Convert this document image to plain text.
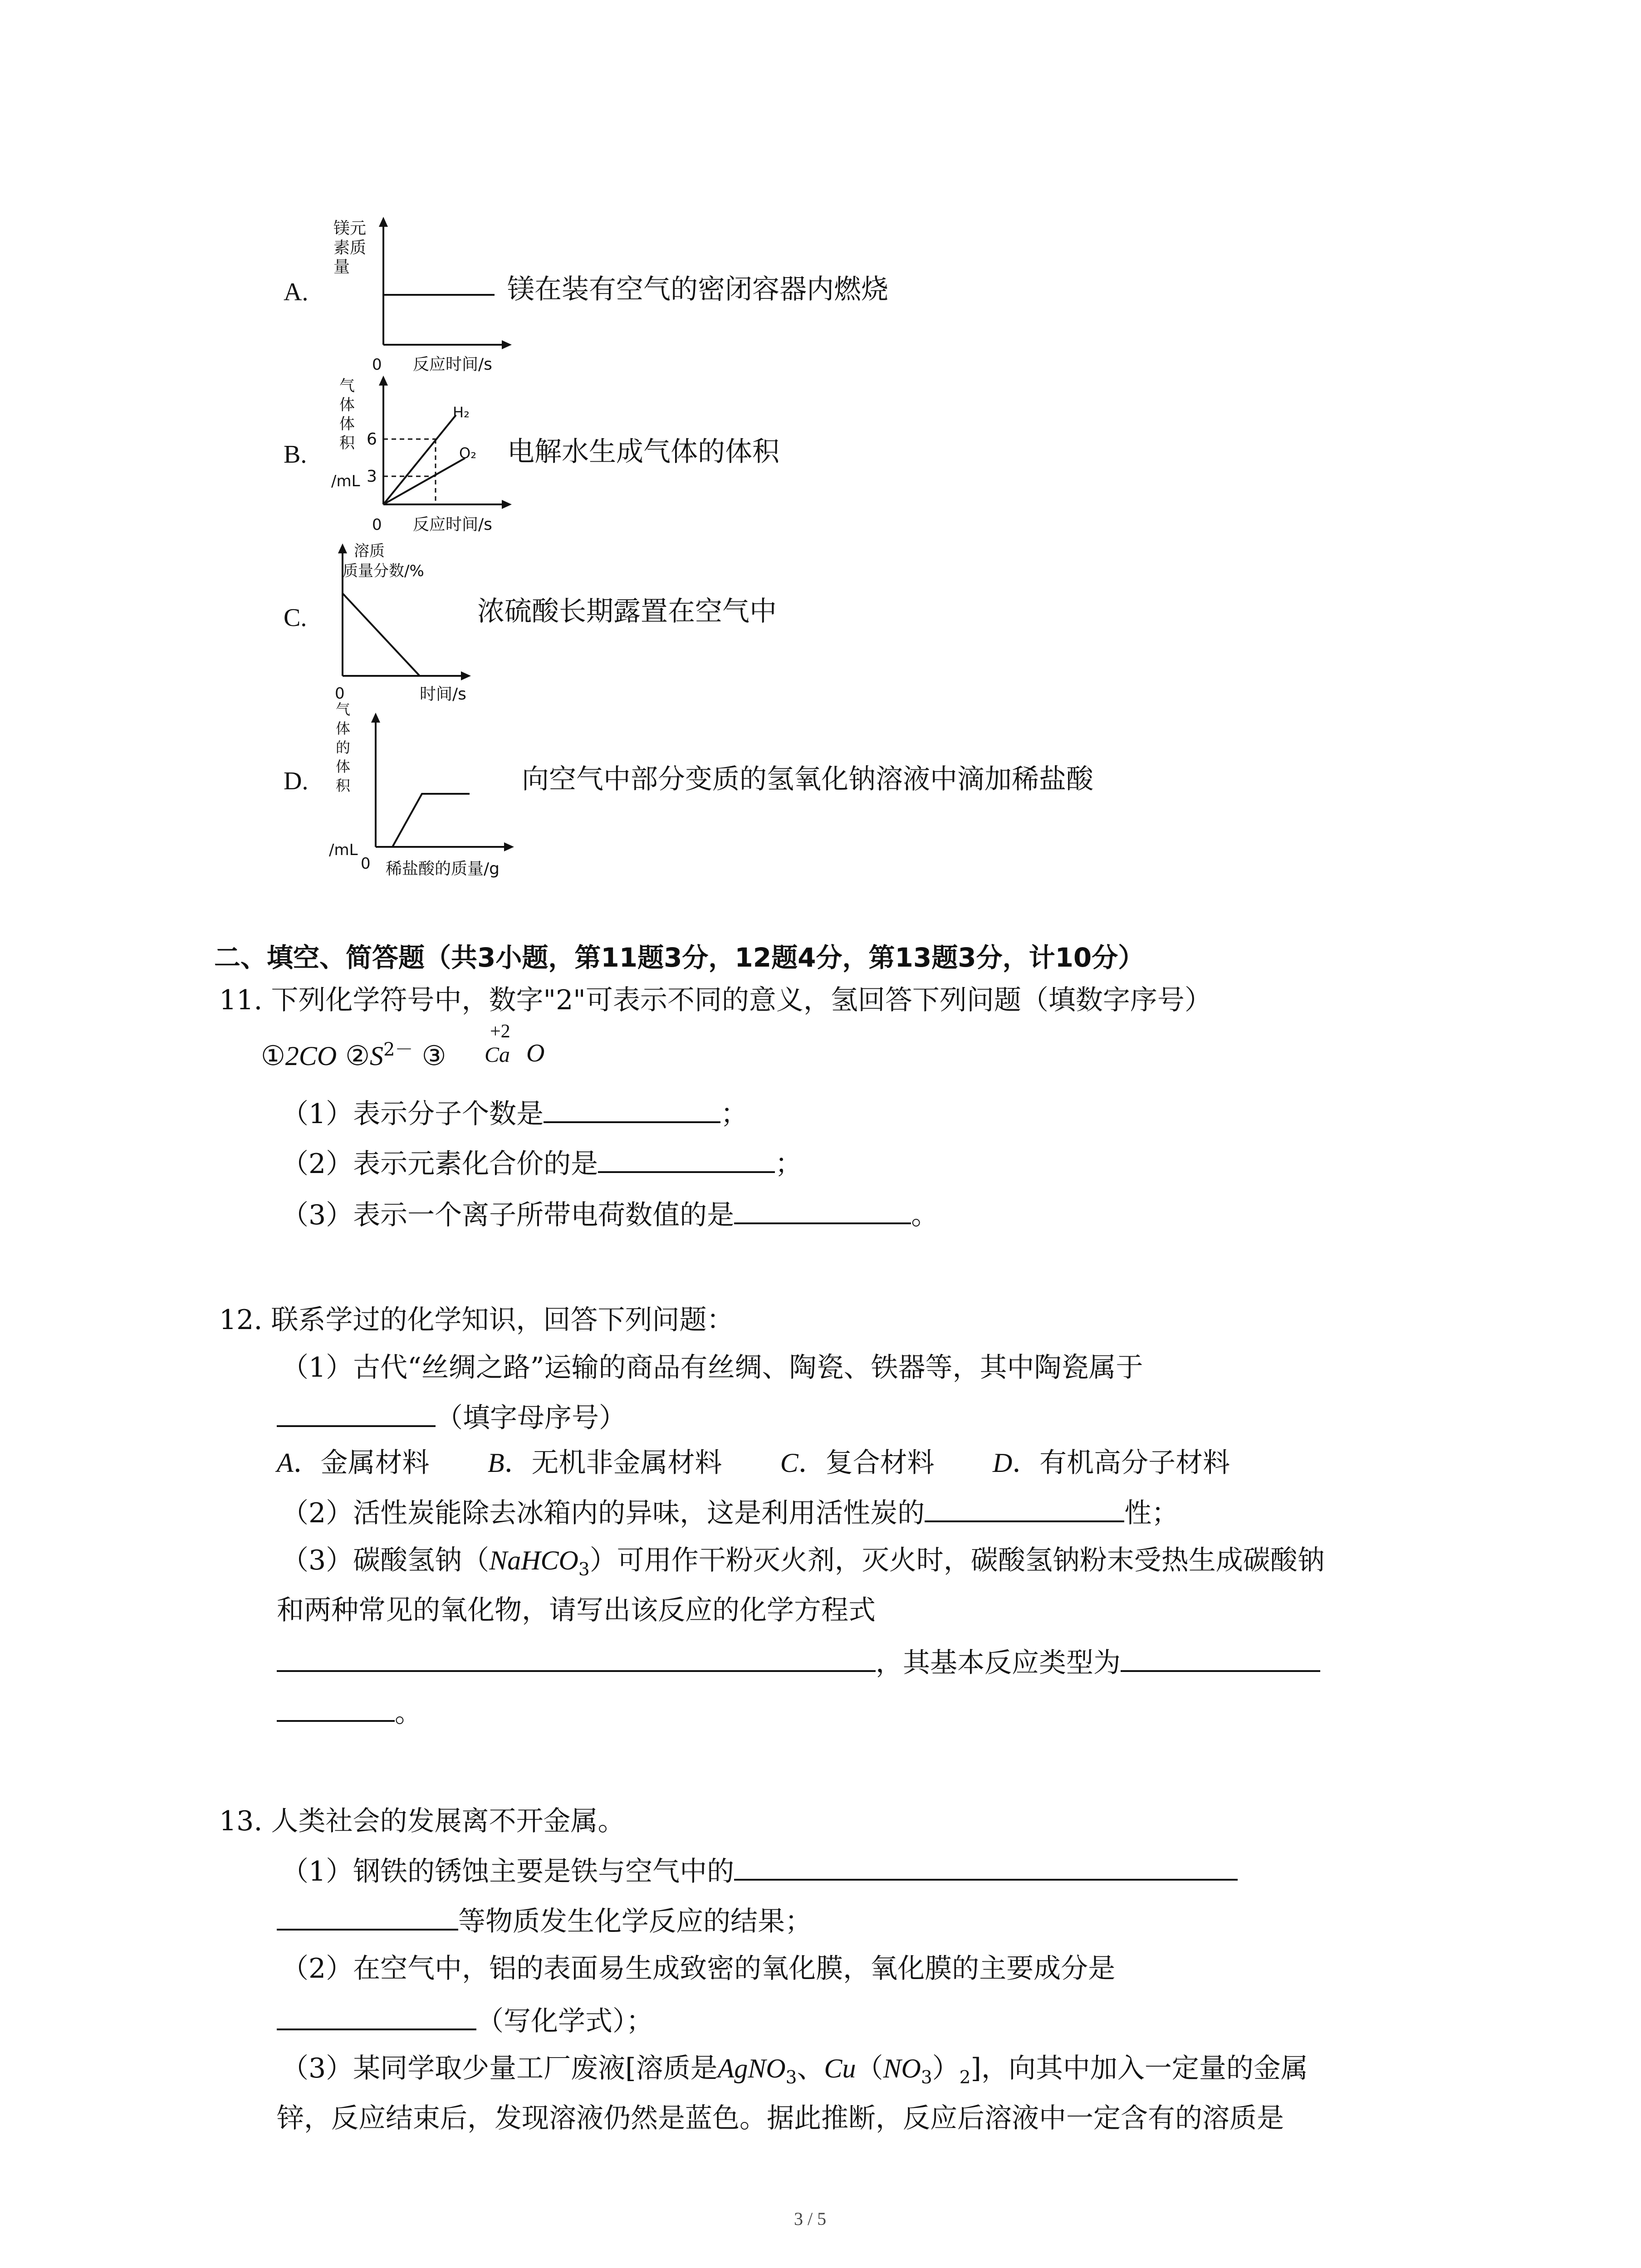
A.
镁元
素质
量
0 反应时间/s
镁在装有空气的密闭容器内燃烧
B.
气
体
体
积
/mL
6
3
H₂
O₂
0 反应时间/s
电解水生成气体的体积
C.
溶质
质量分数/%
0	时间/s
浓硫酸长期露置在空气中
D.
气
体
的
体
积
/mL
0 稀盐酸的质量/g
向空气中部分变质的氢氧化钠溶液中滴加稀盐酸
二、填空、简答题（共3小题，第11题3分，12题4分，第13题3分，计10分）
11. 下列化学符号中，数字"2"可表示不同的意义，氢回答下列问题（填数字序号）
①2CO $②S^{2-}$ ③
+2
Ca O
（1）表示分子个数是	；
（2）表示元素化合价的是	；
（3）表示一个离子所带电荷数值的是	。
12. 联系学过的化学知识，回答下列问题：
（1）古代“丝绸之路”运输的商品有丝绸、陶瓷、铁器等，其中陶瓷属于
（填字母序号）
A．金属材料 B．无机非金属材料 C．复合材料 D．有机高分子材料
（2）活性炭能除去冰箱内的异味，这是利用活性炭的	性；
（3）碳酸氢钠（NaHCO$_3$）可用作干粉灭火剂，灭火时，碳酸氢钠粉末受热生成碳酸钠
和两种常见的氧化物，请写出该反应的化学方程式
，其基本反应类型为
。
13. 人类社会的发展离不开金属。
（1）钢铁的锈蚀主要是铁与空气中的
等物质发生化学反应的结果；
（2）在空气中，铝的表面易生成致密的氧化膜，氧化膜的主要成分是
（写化学式）；
（3）某同学取少量工厂废液[溶质是AgNO$_3$、$Cu(NO_3)_2$]，向其中加入一定量的金属
锌，反应结束后，发现溶液仍然是蓝色。据此推断，反应后溶液中一定含有的溶质是
3 / 5
